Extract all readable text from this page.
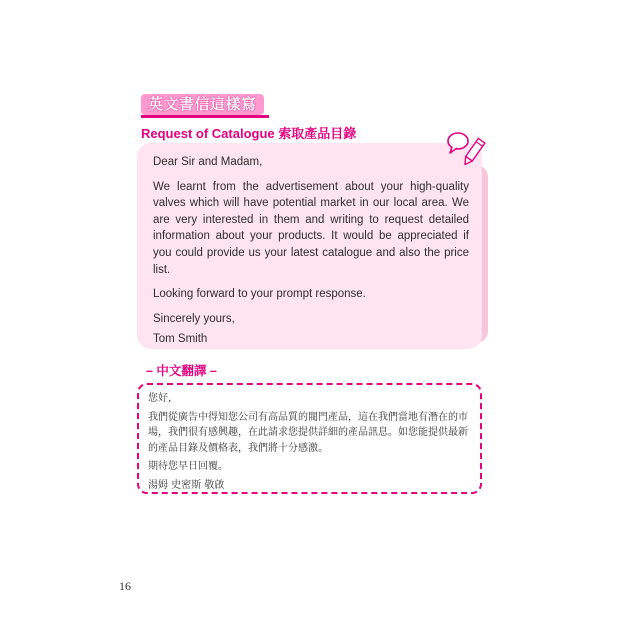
英文書信這樣寫
Request of Catalogue 索取產品目錄

Dear Sir and Madam,

We learnt from the advertisement about your high-quality valves which will have potential market in our local area. We are very interested in them and writing to request detailed information about your products. It would be appreciated if you could provide us your latest catalogue and also the price list.

Looking forward to your prompt response.

Sincerely yours,

Tom Smith

– 中文翻譯 –

您好，

我們從廣告中得知您公司有高品質的閥門產品，這在我們當地有潛在的市場，我們很有感興趣，在此請求您提供詳細的產品訊息。如您能提供最新的產品目錄及價格表，我們將十分感激。

期待您早日回覆。

湯姆 史密斯 敬啟

16
